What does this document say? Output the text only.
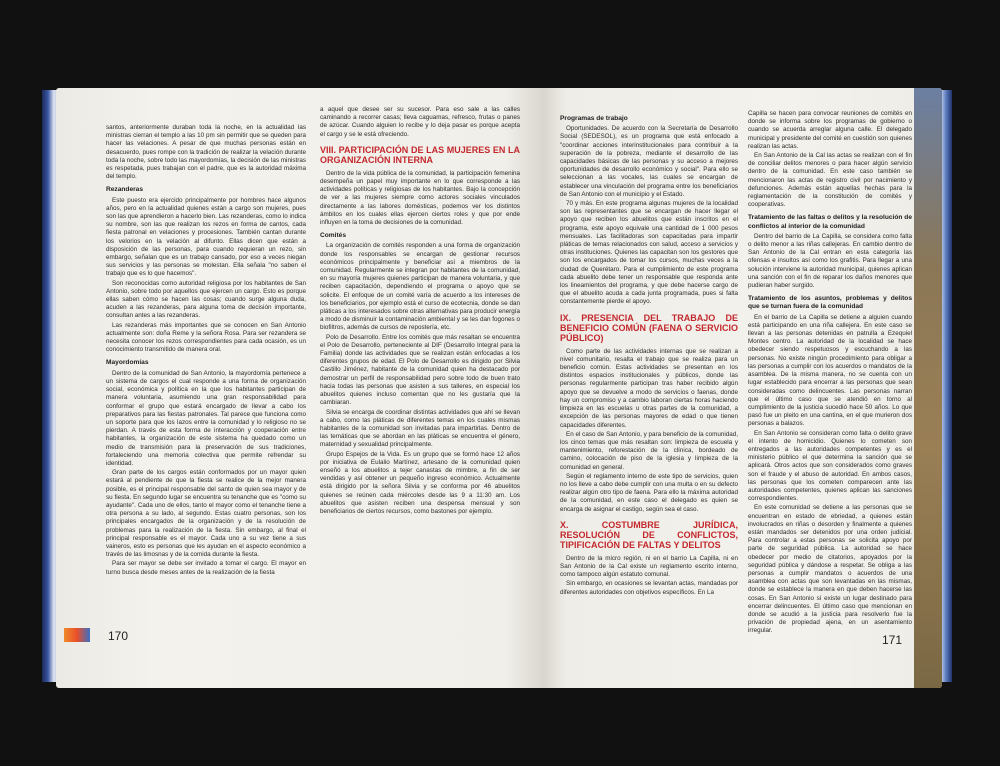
santos, anteriormente duraban toda la noche, en la actualidad las ministras cierran el templo a las 10 pm sin permitir que se queden para hacer las velaciones. A pesar de que muchas personas están en desacuerdo, pues rompe con la tradición de realizar la velación durante toda la noche, sobre todo las mayordomías, la decisión de las ministras es respetada, pues trabajan con el padre, que es la autoridad máxima del templo.

Rezanderas

Este puesto era ejercido principalmente por hombres hace algunos años, pero en la actualidad quienes están a cargo son mujeres, pues son las que aprendieron a hacerlo bien. Las rezanderas, como lo indica su nombre, son las que realizan los rezos en forma de cantos, cada fiesta patronal en velaciones y procesiones. También cantan durante los velorios en la velación al difunto. Ellas dicen que están a disposición de las personas, para cuando requieran un rezo, sin embargo, señalan que es un trabajo cansado, por eso a veces niegan sus servicios y las personas se molestan. Ella señala "no saben el trabajo que es lo que hacemos".

Son reconocidas como autoridad religiosa por los habitantes de San Antonio, sobre todo por aquellos que ejercen un cargo. Esto es porque ellas saben cómo se hacen las cosas; cuando surge alguna duda, acuden a las rezanderas, para alguna toma de decisión importante, consultan antes a las rezanderas.

Las rezanderas más importantes que se conocen en San Antonio actualmente son: doña Reme y la señora Rosa. Para ser rezandera se necesita conocer los rezos correspondientes para cada ocasión, es un conocimiento transmitido de manera oral.

Mayordomías

Dentro de la comunidad de San Antonio, la mayordomía pertenece a un sistema de cargos el cual responde a una forma de organización social, económica y política en la que los habitantes participan de manera voluntaria, asumiendo una gran responsabilidad para conformar el grupo que estará encargado de llevar a cabo los preparativos para las fiestas patronales. Tal parece que funciona como un soporte para que los lazos entre la comunidad y lo religioso no se pierdan. A través de esta forma de interacción y cooperación entre habitantes, la organización de este sistema ha quedado como un medio de transmisión para la preservación de sus tradiciones, fortaleciendo una memoria colectiva que permite refrendar su identidad.

Gran parte de los cargos están conformados por un mayor quien estará al pendiente de que la fiesta se realice de la mejor manera posible, es el principal responsable del santo de quien sea mayor y de su fiesta. En segundo lugar se encuentra su tenanche que es "como su ayudante". Cada uno de ellos, tanto el mayor como el tenanche tiene a otra persona a su lado, al segundo. Estas cuatro personas, son los principales encargados de la organización y de la resolución de problemas para la realización de la fiesta. Sin embargo, al final el principal responsable es el mayor. Cada uno a su vez tiene a sus vaineros, esto es personas que les ayudan en el aspecto económico a través de las limosnas y de la comida durante la fiesta.

Para ser mayor se debe ser invitado a tomar el cargo. El mayor en turno busca desde meses antes de la realización de la fiesta

a aquel que desee ser su sucesor. Para eso sale a las calles caminando a recorrer casas; lleva caguamas, refresco, frutas o panes de azúcar. Cuando alguien lo recibe y lo deja pasar es porque acepta el cargo y se le está ofreciendo.

VIII. PARTICIPACIÓN DE LAS MUJERES EN LA ORGANIZACIÓN INTERNA

Dentro de la vida pública de la comunidad, la participación femenina desempeña un papel muy importante en lo que corresponde a las actividades políticas y religiosas de los habitantes. Bajo la concepción de ver a las mujeres siempre como actores sociales vinculados directamente a las labores domésticas, podemos ver los distintos ámbitos en los cuales ellas ejercen ciertos roles y que por ende influyen en la toma de decisiones de la comunidad.

Comités

La organización de comités responden a una forma de organización donde los responsables se encargan de gestionar recursos económicos principalmente y beneficiar así a miembros de la comunidad. Regularmente se integran por habitantes de la comunidad, en su mayoría mujeres quienes participan de manera voluntaria, y que reciben capacitación, dependiendo el programa o apoyo que se solicite. El enfoque de un comité varía de acuerdo a los intereses de los beneficiarios, por ejemplo está el curso de ecotecnia, donde se dan pláticas a los interesados sobre otras alternativas para producir energía a modo de disminuir la contaminación ambiental y se les dan fogones o biofiltros, además de cursos de repostería, etc.

Polo de Desarrollo. Entre los comités que más resaltan se encuentra el Polo de Desarrollo, perteneciente al DIF (Desarrollo Integral para la Familia) donde las actividades que se realizan están enfocadas a los diferentes grupos de edad. El Polo de Desarrollo es dirigido por Silvia Castillo Jiménez, habitante de la comunidad quien ha destacado por demostrar un perfil de responsabilidad pero sobre todo de buen trato hacia todas las personas que asisten a sus talleres, en especial los abuelitos quienes incluso comentan que no les gustaría que la cambiaran.

Silvia se encarga de coordinar distintas actividades que ahí se llevan a cabo, como las pláticas de diferentes temas en los cuales mismas habitantes de la comunidad son invitadas para impartirlas. Dentro de las temáticas que se abordan en las pláticas se encuentra el género, maternidad y sexualidad principalmente.

Grupo Espejos de la Vida. Es un grupo que se formó hace 12 años por iniciativa de Eulalio Martínez, artesano de la comunidad quien enseñó a los abuelitos a tejer canastas de mimbre, a fin de ser vendidas y así obtener un pequeño ingreso económico. Actualmente está dirigido por la señora Silvia y se conforma por 46 abuelitos quienes se reúnen cada miércoles desde las 9 a 11:30 am. Los abuelitos que asisten reciben una despensa mensual y son beneficiarios de ciertos recursos, como bastones por ejemplo.

170
Programas de trabajo

Oportunidades. De acuerdo con la Secretaría de Desarrollo Social (SEDESOL), es un programa que está enfocado a "coordinar acciones interinstitucionales para contribuir a la superación de la pobreza, mediante el desarrollo de las capacidades básicas de las personas y su acceso a mejores oportunidades de desarrollo económico y social". Para ello se seleccionan a las vocales, las cuales se encargan de establecer una vinculación del programa entre los beneficiarios de San Antonio con el municipio y el Estado.

70 y más. En este programa algunas mujeres de la localidad son las representantes que se encargan de hacer llegar el apoyo que reciben los abuelitos que están inscritos en el programa, este apoyo equivale una cantidad de 1 000 pesos mensuales. Las facilitadoras son capacitadas para impartir pláticas de temas relacionados con salud, acceso a servicios y otras instituciones. Quienes las capacitan son los gestores que son los encargados de tomar los cursos, muchas veces a la ciudad de Querétaro. Para el cumplimiento de este programa cada abuelito debe tener un responsable que responda ante los lineamientos del programa, y que debe hacerse cargo de que el abuelito acuda a cada junta programada, pues si falta constantemente pierde el apoyo.

IX. PRESENCIA DEL TRABAJO DE BENEFICIO COMÚN (FAENA O SERVICIO PÚBLICO)

Como parte de las actividades internas que se realizan a nivel comunitario, resalta el trabajo que se realiza para un beneficio común. Estas actividades se presentan en los distintos espacios institucionales y públicos, donde las personas regularmente participan tras haber recibido algún apoyo que se devuelve a modo de servicios o faenas, donde hay un compromiso y a cambio laboran ciertas horas haciendo limpieza en las escuelas u otras partes de la comunidad, a excepción de las personas mayores de edad o que tienen capacidades diferentes.

En el caso de San Antonio, y para beneficio de la comunidad, los cinco temas que más resaltan son: limpieza de escuela y mantenimiento, reforestación de la clínica, bordeado de camino, colocación de piso de la iglesia y limpieza de la comunidad en general.

Según el reglamento interno de este tipo de servicios, quien no los lleve a cabo debe cumplir con una multa o en su defecto realizar algún otro tipo de faena. Para ello la máxima autoridad de la comunidad, en este caso el delegado es quien se encarga de asignar el castigo, según sea el caso.

X. COSTUMBRE JURÍDICA, RESOLUCIÓN DE CONFLICTOS, TIPIFICACIÓN DE FALTAS Y DELITOS

Dentro de la micro región, ni en el barrio La Capilla, ni en San Antonio de la Cal existe un reglamento escrito interno, como tampoco algún estatuto comunal.

Sin embargo, en ocasiones se levantan actas, mandadas por diferentes autoridades con objetivos específicos. En La

Capilla se hacen para convocar reuniones de comités en donde se informa sobre los programas de gobierno o cuando se acuerda arreglar alguna calle. El delegado municipal y presidente del comité en cuestión son quienes realizan las actas.

En San Antonio de la Cal las actas se realizan con el fin de conciliar delitos menores o para hacer algún servicio dentro de la comunidad. En este caso también se mencionaron las actas de registro civil por nacimiento y defunciones. Además están aquellas hechas para la reglamentación de la constitución de comités y cooperativas.

Tratamiento de las faltas o delitos y la resolución de conflictos al interior de la comunidad

Dentro del barrio de La Capilla, se considera como falta o delito menor a las riñas callejeras. En cambio dentro de San Antonio de la Cal entran en esta categoría las ofensas e insultos así como los grafitis. Para llegar a una solución interviene la autoridad municipal, quienes aplican una sanción con el fin de reparar los daños menores que pudieran haber surgido.

Tratamiento de los asuntos, problemas y delitos que se turnan fuera de la comunidad

En el barrio de La Capilla se detiene a alguien cuando está participando en una riña callejera. En este caso se llevan a las personas detenidas en patrulla a Ezequiel Montes centro. La autoridad de la localidad se hace obedecer siendo respetuosos y escuchando a las personas. No existe ningún procedimiento para obligar a las personas a cumplir con los acuerdos o mandatos de la asamblea. De la misma manera, no se cuenta con un lugar establecido para encerrar a las personas que sean consideradas como delincuentes. Las personas narran que el último caso que se atendió en torno al cumplimiento de la justicia sucedió hace 50 años. Lo que pasó fue un pleito en una cantina, en el que murieron dos personas a balazos.

En San Antonio se consideran como falta o delito grave el intento de homicidio. Quienes lo cometen son entregados a las autoridades competentes y es el ministerio público el que determina la sanción que se aplicará. Otros actos que son considerados como graves son el fraude y el abuso de autoridad. En ambos casos, las personas que los cometen comparecen ante las autoridades competentes, quienes aplican las sanciones correspondientes.

En este comunidad se detiene a las personas que se encuentran en estado de ebriedad, a quienes están involucrados en riñas o desorden y finalmente a quienes están mandados ser detenidos por una orden judicial. Para controlar a estas personas se solicita apoyo por parte de seguridad pública. La autoridad se hace obedecer por medio de citatorios, apoyados por la seguridad pública y dándose a respetar. Se obliga a las personas a cumplir mandatos o acuerdos de una asamblea con actas que son levantadas en las mismas, donde se establece la manera en que deben hacerse las cosas. En San Antonio sí existe un lugar destinado para encerrar delincuentes. El último caso que mencionan en donde se acudió a la justicia para resolverlo fue la privación de propiedad ajena, en un asentamiento irregular.

171
